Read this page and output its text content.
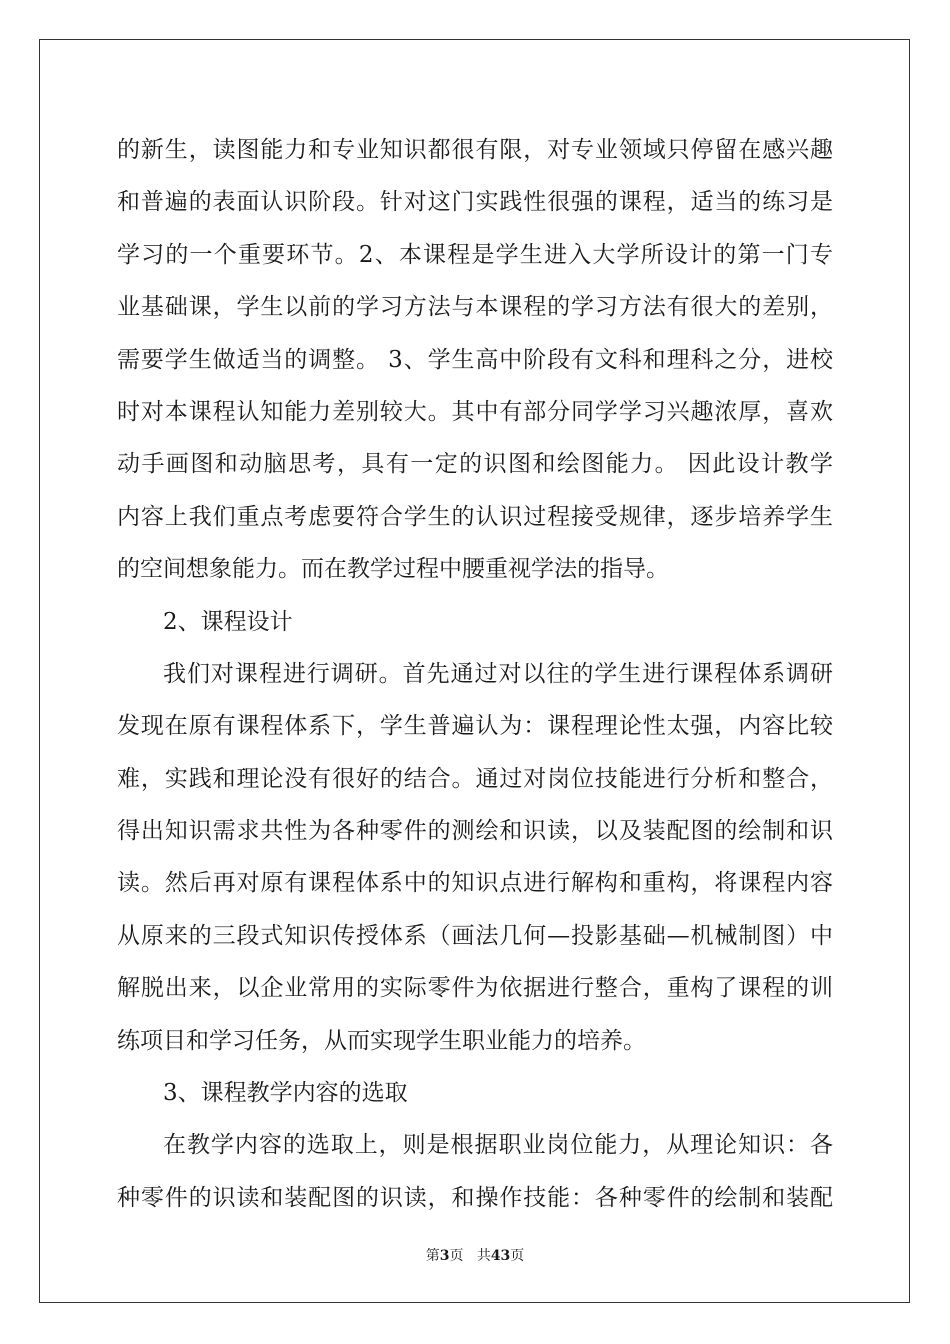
的新生，读图能力和专业知识都很有限，对专业领域只停留在感兴趣
和普遍的表面认识阶段。针对这门实践性很强的课程，适当的练习是
学习的一个重要环节。2、本课程是学生进入大学所设计的第一门专
业基础课，学生以前的学习方法与本课程的学习方法有很大的差别，
需要学生做适当的调整。 3、学生高中阶段有文科和理科之分，进校
时对本课程认知能力差别较大。其中有部分同学学习兴趣浓厚，喜欢
动手画图和动脑思考，具有一定的识图和绘图能力。 因此设计教学
内容上我们重点考虑要符合学生的认识过程接受规律，逐步培养学生
的空间想象能力。而在教学过程中腰重视学法的指导。
2、课程设计
我们对课程进行调研。首先通过对以往的学生进行课程体系调研
发现在原有课程体系下，学生普遍认为：课程理论性太强，内容比较
难，实践和理论没有很好的结合。通过对岗位技能进行分析和整合，
得出知识需求共性为各种零件的测绘和识读，以及装配图的绘制和识
读。然后再对原有课程体系中的知识点进行解构和重构，将课程内容
从原来的三段式知识传授体系（画法几何—投影基础—机械制图）中
解脱出来，以企业常用的实际零件为依据进行整合，重构了课程的训
练项目和学习任务，从而实现学生职业能力的培养。
3、课程教学内容的选取
在教学内容的选取上，则是根据职业岗位能力，从理论知识：各
种零件的识读和装配图的识读，和操作技能：各种零件的绘制和装配
第3页 共43页
